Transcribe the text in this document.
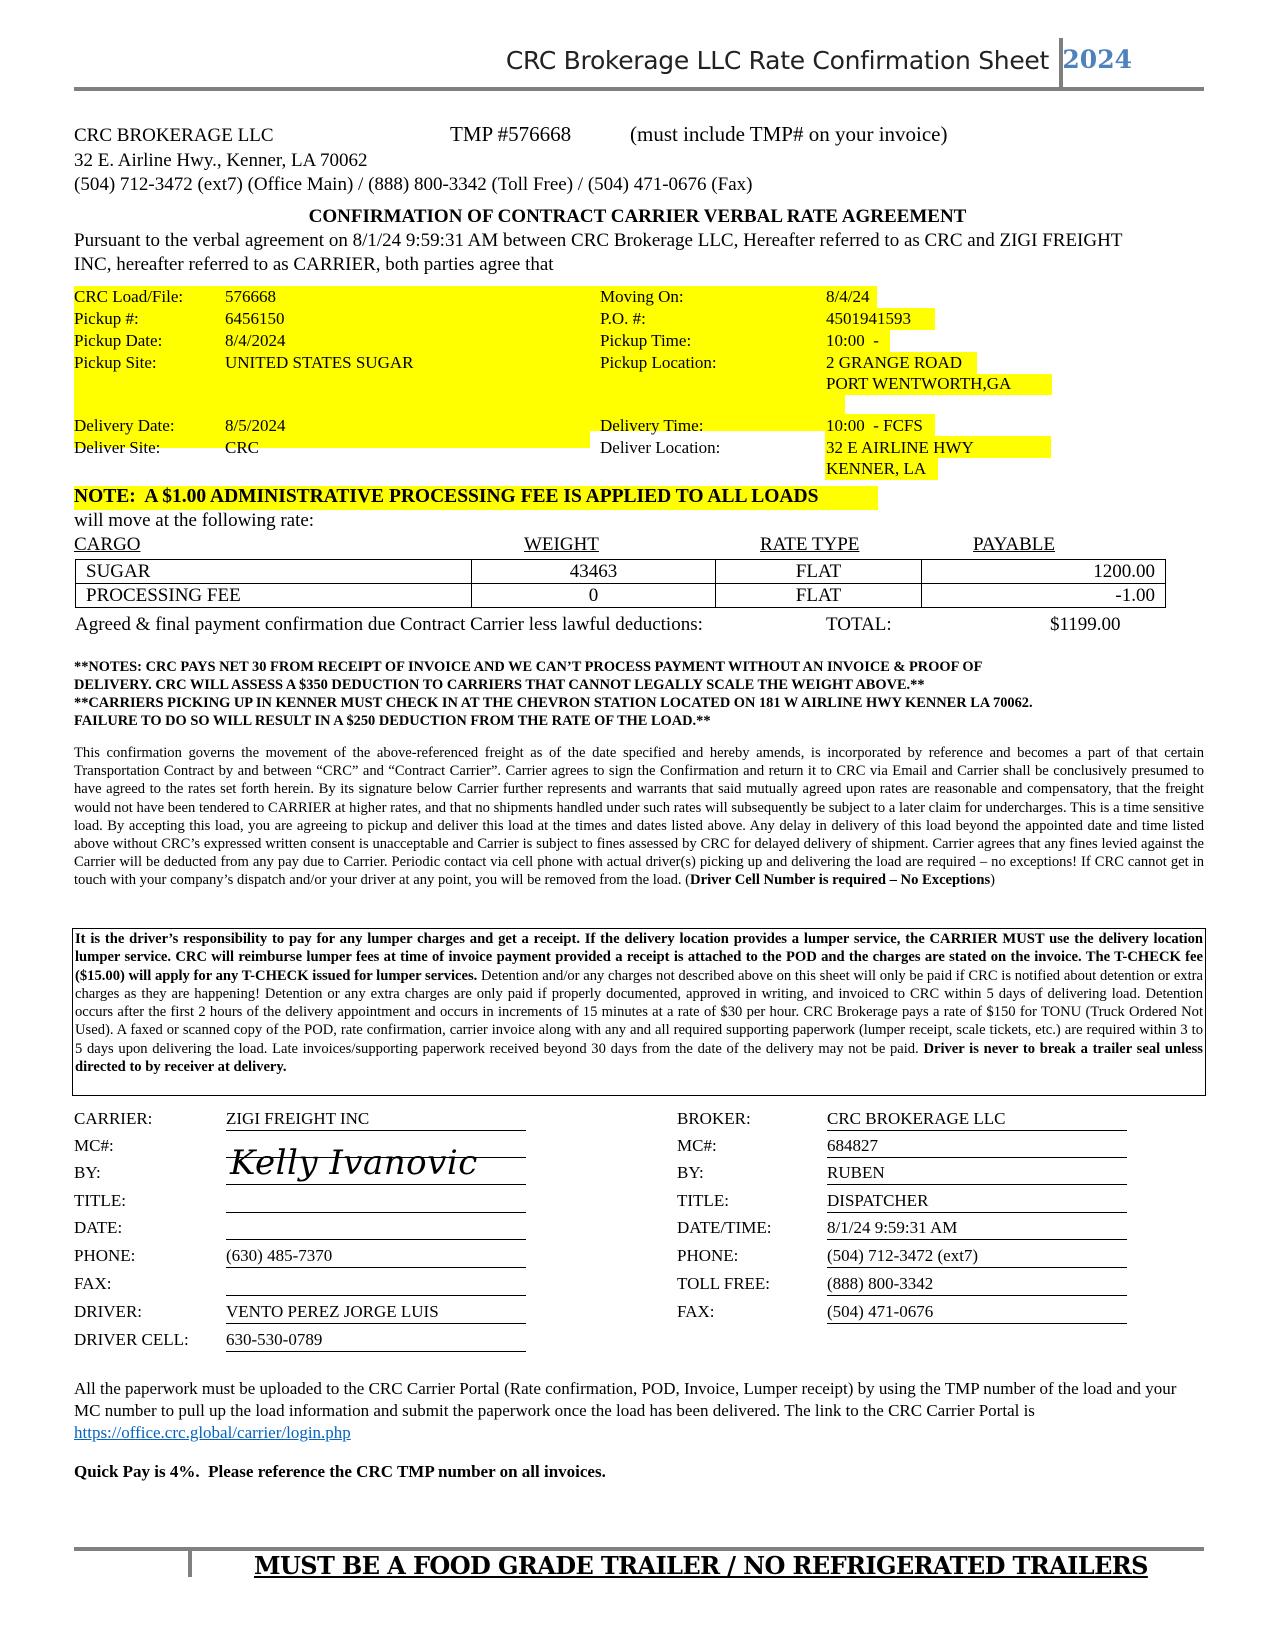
CRC Brokerage LLC Rate Confirmation Sheet 2024
CRC BROKERAGE LLC	TMP #576668	(must include TMP# on your invoice)
32 E. Airline Hwy., Kenner, LA 70062
(504) 712-3472 (ext7) (Office Main) / (888) 800-3342 (Toll Free) / (504) 471-0676 (Fax)
CONFIRMATION OF CONTRACT CARRIER VERBAL RATE AGREEMENT
Pursuant to the verbal agreement on 8/1/24 9:59:31 AM between CRC Brokerage LLC, Hereafter referred to as CRC and ZIGI FREIGHT
INC, hereafter referred to as CARRIER, both parties agree that
CRC Load/File: 576668	Moving On:	8/4/24
Pickup #:	6456150	P.O. #:	4501941593
Pickup Date:	8/4/2024	Pickup Time:	10:00  -
Pickup Site:	UNITED STATES SUGAR	Pickup Location:	2 GRANGE ROAD
PORT WENTWORTH,GA
Delivery Date:	8/5/2024	Delivery Time:	10:00  - FCFS
Deliver Site:	CRC	Deliver Location:	32 E AIRLINE HWY
KENNER, LA
NOTE:  A $1.00 ADMINISTRATIVE PROCESSING FEE IS APPLIED TO ALL LOADS
will move at the following rate:
CARGO	WEIGHT	RATE TYPE	PAYABLE
SUGAR	43463	FLAT	1200.00
PROCESSING FEE	0	FLAT	-1.00
Agreed & final payment confirmation due Contract Carrier less lawful deductions:	TOTAL:	$1199.00
**NOTES: CRC PAYS NET 30 FROM RECEIPT OF INVOICE AND WE CAN’T PROCESS PAYMENT WITHOUT AN INVOICE & PROOF OF
DELIVERY. CRC WILL ASSESS A $350 DEDUCTION TO CARRIERS THAT CANNOT LEGALLY SCALE THE WEIGHT ABOVE.**
**CARRIERS PICKING UP IN KENNER MUST CHECK IN AT THE CHEVRON STATION LOCATED ON 181 W AIRLINE HWY KENNER LA 70062.
FAILURE TO DO SO WILL RESULT IN A $250 DEDUCTION FROM THE RATE OF THE LOAD.**
This confirmation governs the movement of the above-referenced freight as of the date specified and hereby amends, is incorporated by reference and becomes a part of that certain Transportation Contract by and between “CRC” and “Contract Carrier”. Carrier agrees to sign the Confirmation and return it to CRC via Email and Carrier shall be conclusively presumed to have agreed to the rates set forth herein. By its signature below Carrier further represents and warrants that said mutually agreed upon rates are reasonable and compensatory, that the freight would not have been tendered to CARRIER at higher rates, and that no shipments handled under such rates will subsequently be subject to a later claim for undercharges. This is a time sensitive load. By accepting this load, you are agreeing to pickup and deliver this load at the times and dates listed above. Any delay in delivery of this load beyond the appointed date and time listed above without CRC’s expressed written consent is unacceptable and Carrier is subject to fines assessed by CRC for delayed delivery of shipment. Carrier agrees that any fines levied against the Carrier will be deducted from any pay due to Carrier. Periodic contact via cell phone with actual driver(s) picking up and delivering the load are required – no exceptions! If CRC cannot get in touch with your company’s dispatch and/or your driver at any point, you will be removed from the load. (Driver Cell Number is required – No Exceptions)
It is the driver’s responsibility to pay for any lumper charges and get a receipt. If the delivery location provides a lumper service, the CARRIER MUST use the delivery location lumper service. CRC will reimburse lumper fees at time of invoice payment provided a receipt is attached to the POD and the charges are stated on the invoice. The T-CHECK fee ($15.00) will apply for any T-CHECK issued for lumper services. Detention and/or any charges not described above on this sheet will only be paid if CRC is notified about detention or extra charges as they are happening! Detention or any extra charges are only paid if properly documented, approved in writing, and invoiced to CRC within 5 days of delivering load. Detention occurs after the first 2 hours of the delivery appointment and occurs in increments of 15 minutes at a rate of $30 per hour. CRC Brokerage pays a rate of $150 for TONU (Truck Ordered Not Used). A faxed or scanned copy of the POD, rate confirmation, carrier invoice along with any and all required supporting paperwork (lumper receipt, scale tickets, etc.) are required within 3 to 5 days upon delivering the load. Late invoices/supporting paperwork received beyond 30 days from the date of the delivery may not be paid. Driver is never to break a trailer seal unless directed to by receiver at delivery.
CARRIER:	ZIGI FREIGHT INC
MC#:
BY:	Kelly Ivanovic
TITLE:
DATE:
PHONE:	(630) 485-7370
FAX:
DRIVER:	VENTO PEREZ JORGE LUIS
DRIVER CELL: 630-530-0789
BROKER:	CRC BROKERAGE LLC
MC#:	684827
BY:	RUBEN
TITLE:	DISPATCHER
DATE/TIME:	8/1/24 9:59:31 AM
PHONE:	(504) 712-3472 (ext7)
TOLL FREE:	(888) 800-3342
FAX:	(504) 471-0676
All the paperwork must be uploaded to the CRC Carrier Portal (Rate confirmation, POD, Invoice, Lumper receipt) by using the TMP number of the load and your MC number to pull up the load information and submit the paperwork once the load has been delivered. The link to the CRC Carrier Portal is https://office.crc.global/carrier/login.php
Quick Pay is 4%.  Please reference the CRC TMP number on all invoices.
MUST BE A FOOD GRADE TRAILER / NO REFRIGERATED TRAILERS
